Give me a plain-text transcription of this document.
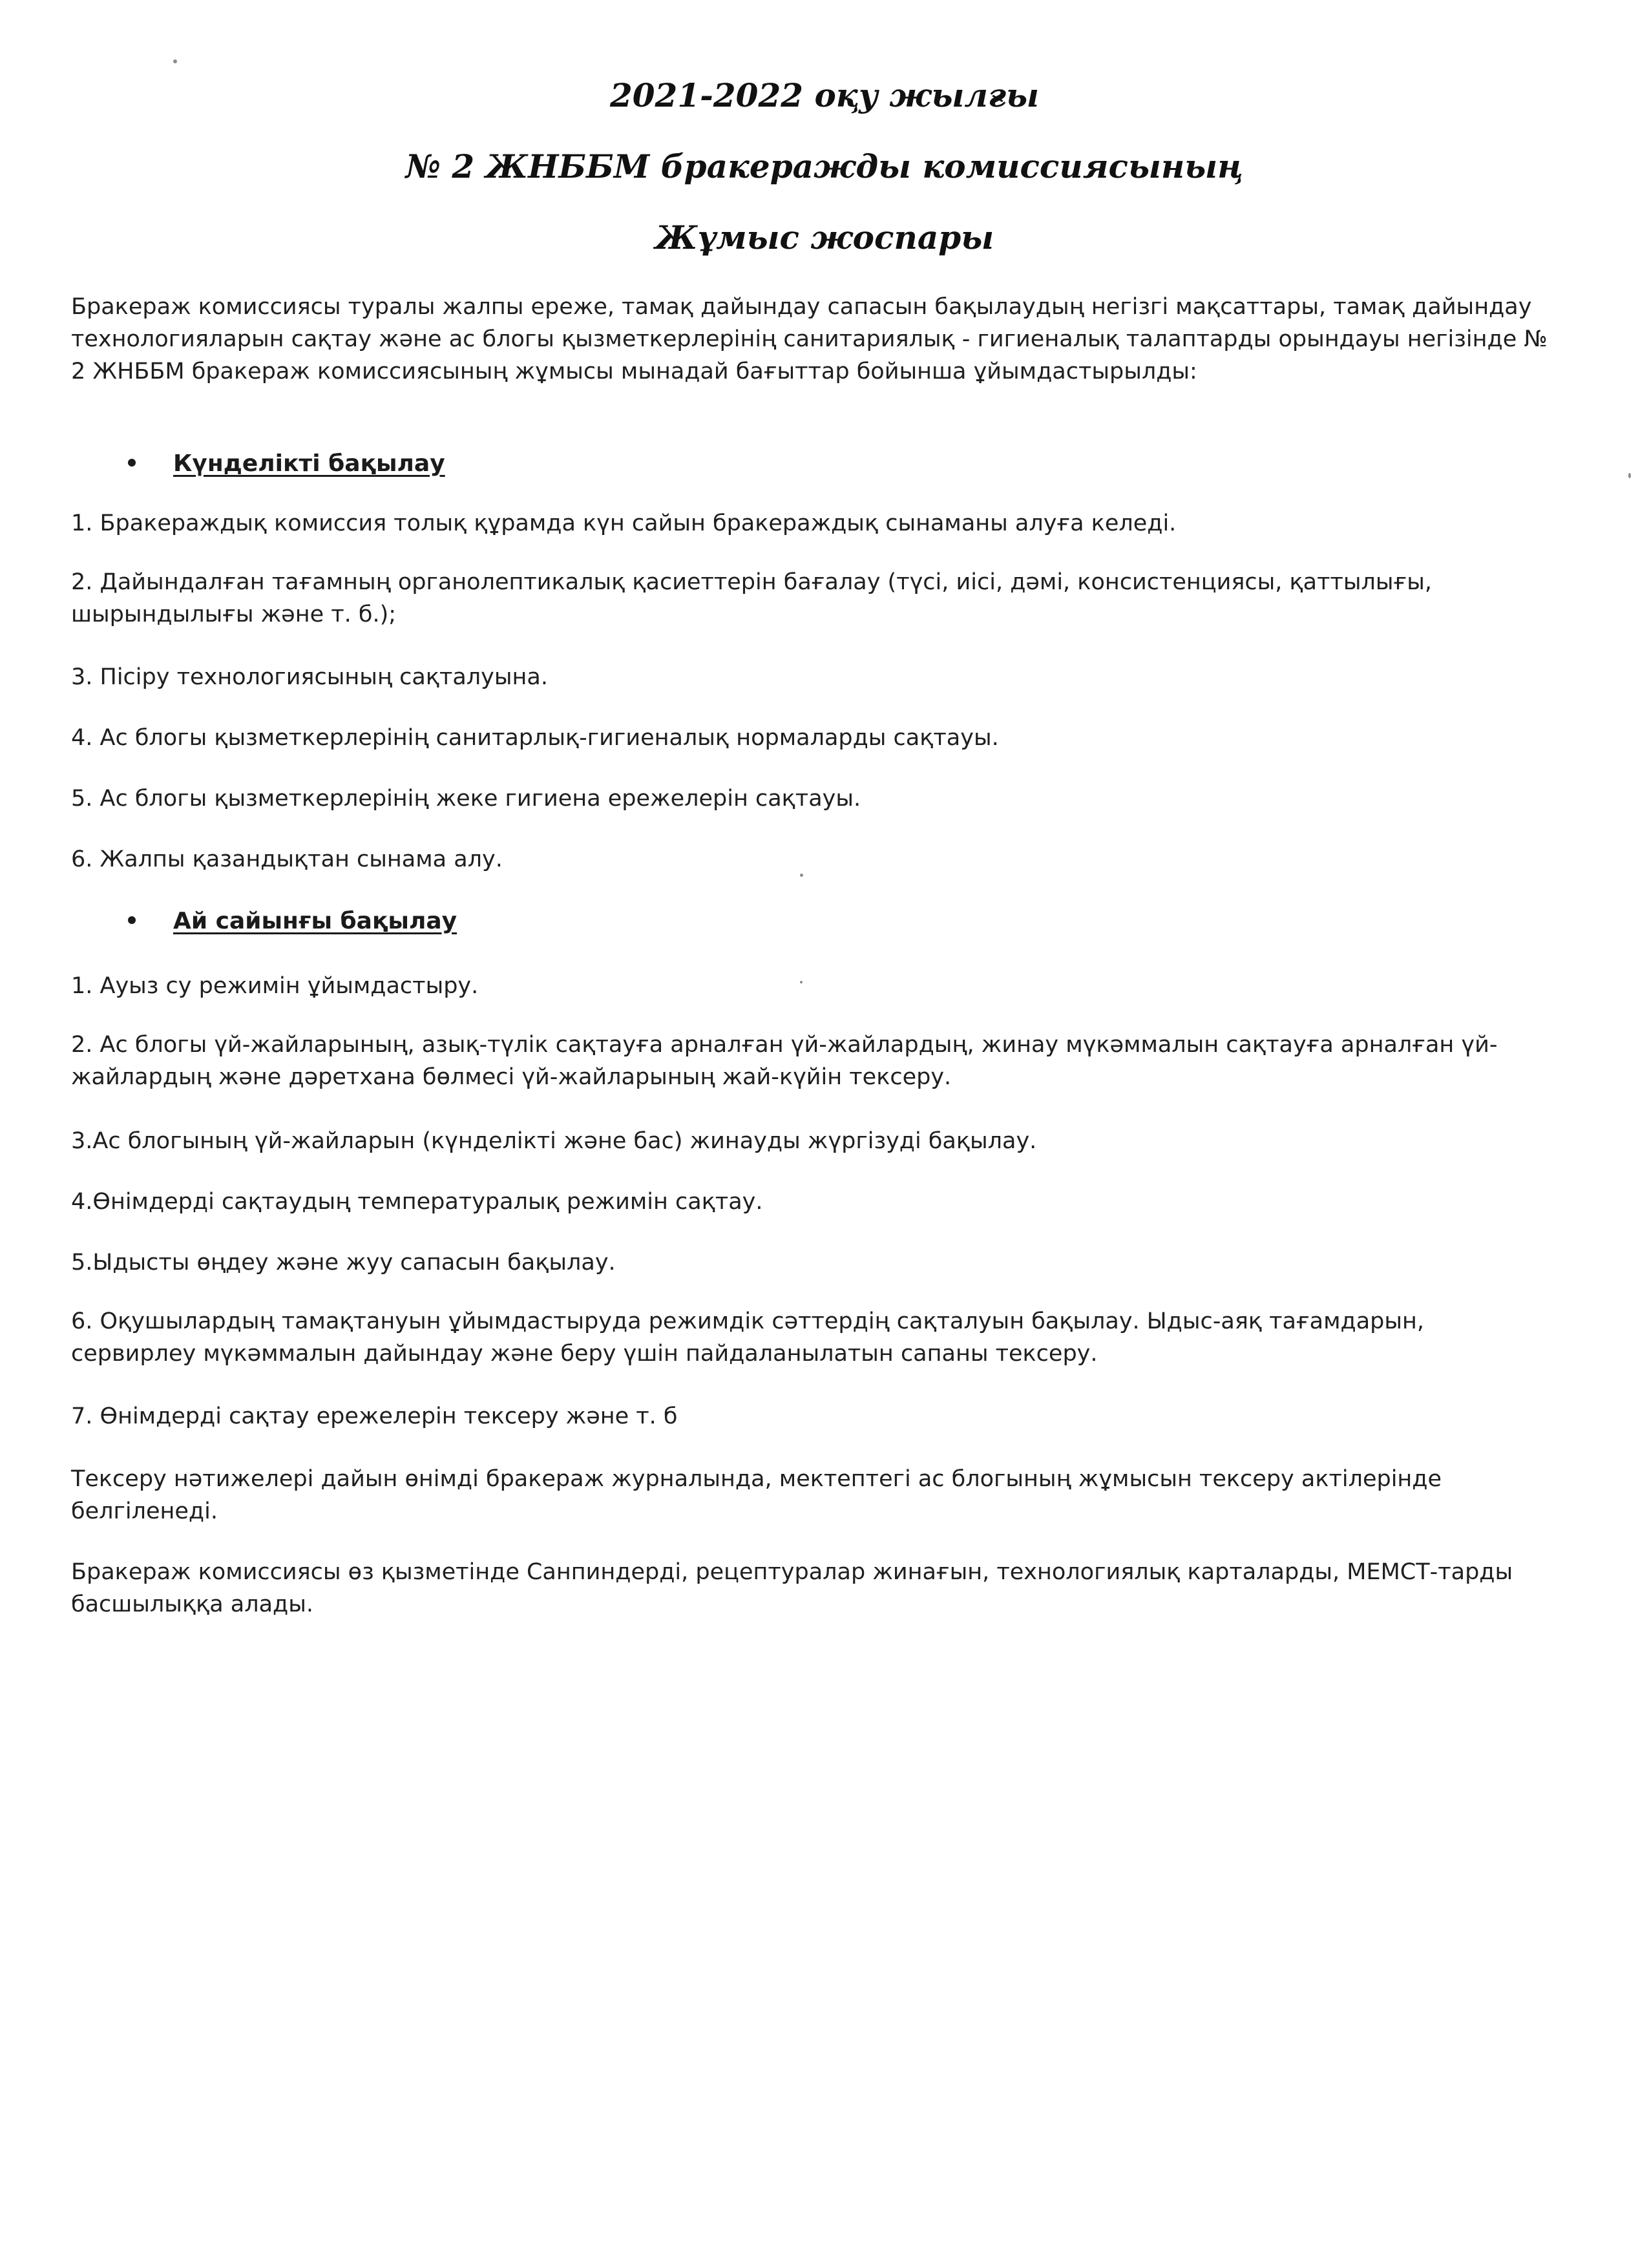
2021-2022 оқу жылғы
№ 2 ЖНББМ бракеражды комиссиясының
Жұмыс жоспары

Бракераж комиссиясы туралы жалпы ереже, тамақ дайындау сапасын бақылаудың негізгі мақсаттары, тамақ дайындау технологияларын сақтау және ас блогы қызметкерлерінің санитариялық - гигиеналық талаптарды орындауы негізінде № 2 ЖНББМ бракераж комиссиясының жұмысы мынадай бағыттар бойынша ұйымдастырылды:

Күнделікті бақылау

1. Бракераждық комиссия толық құрамда күн сайын бракераждық сынаманы алуға келеді.

2. Дайындалған тағамның органолептикалық қасиеттерін бағалау (түсі, иісі, дәмі, консистенциясы, қаттылығы, шырындылығы және т. б.);

3. Пісіру технологиясының сақталуына.

4. Ас блогы қызметкерлерінің санитарлық-гигиеналық нормаларды сақтауы.

5. Ас блогы қызметкерлерінің жеке гигиена ережелерін сақтауы.

6. Жалпы қазандықтан сынама алу.

Ай сайынғы бақылау

1. Ауыз су режимін ұйымдастыру.

2. Ас блогы үй-жайларының, азық-түлік сақтауға арналған үй-жайлардың, жинау мүкәммалын сақтауға арналған үй-жайлардың және дәретхана бөлмесі үй-жайларының жай-күйін тексеру.

3.Ас блогының үй-жайларын (күнделікті және бас) жинауды жүргізуді бақылау.

4.Өнімдерді сақтаудың температуралық режимін сақтау.

5.Ыдысты өңдеу және жуу сапасын бақылау.

6. Оқушылардың тамақтануын ұйымдастыруда режимдік сәттердің сақталуын бақылау. Ыдыс-аяқ тағамдарын, сервирлеу мүкәммалын дайындау және беру үшін пайдаланылатын сапаны тексеру.

7. Өнімдерді сақтау ережелерін тексеру және т. б

Тексеру нәтижелері дайын өнімді бракераж журналында, мектептегі ас блогының жұмысын тексеру актілерінде белгіленеді.

Бракераж комиссиясы өз қызметінде Санпиндерді, рецептуралар жинағын, технологиялық карталарды, МЕМСТ-тарды басшылыққа алады.
